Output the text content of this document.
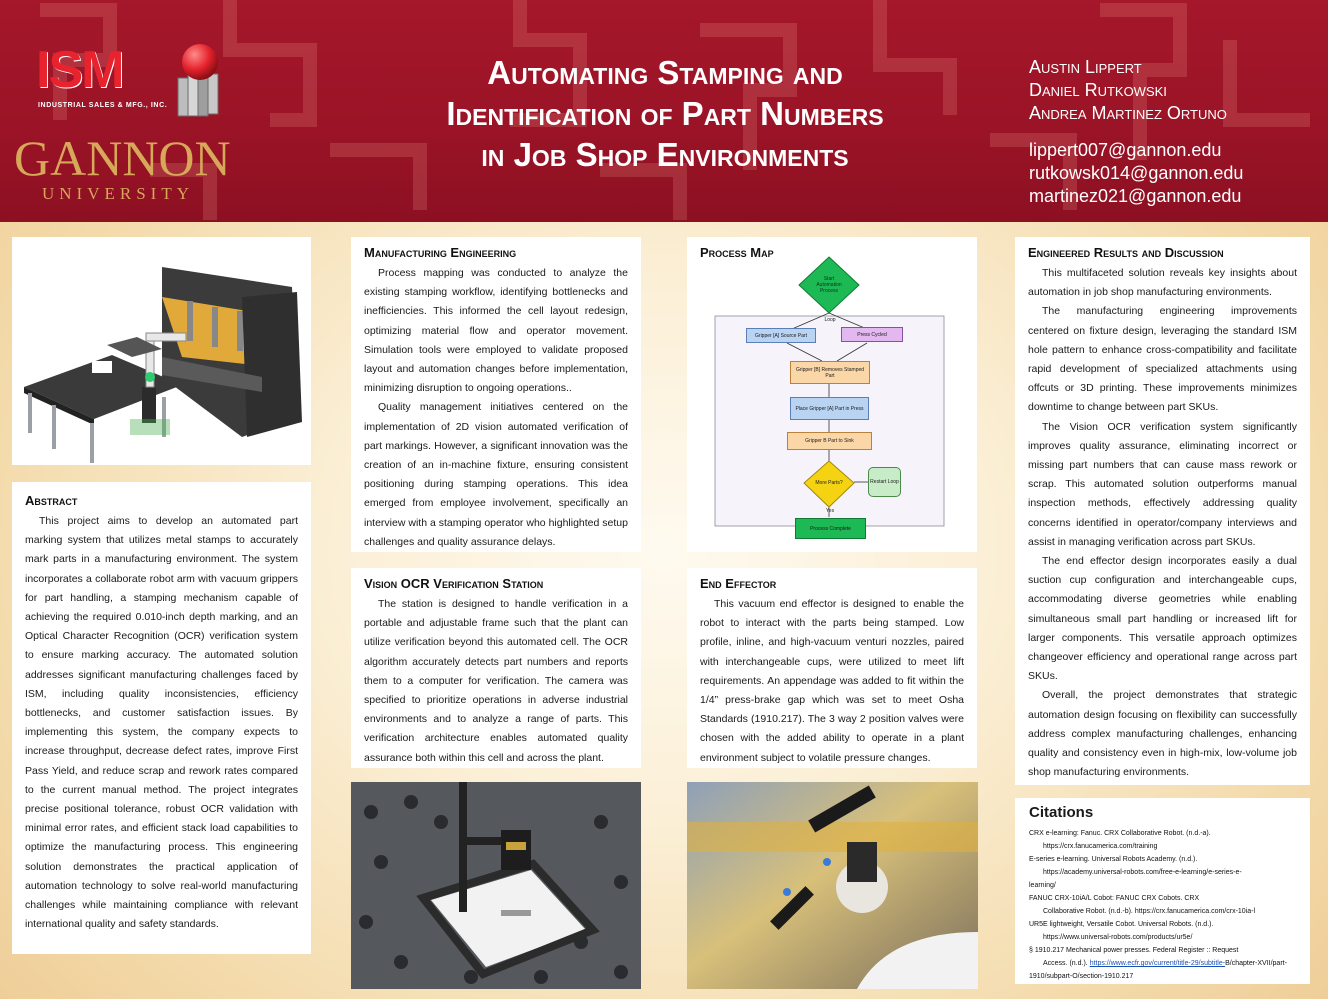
ISM
INDUSTRIAL SALES & MFG., INC.
GANNON
UNIVERSITY
Automating Stamping and
Identification of Part Numbers
in Job Shop Environments
Austin Lippert
Daniel Rutkowski
Andrea Martinez Ortuno
lippert007@gannon.edu
rutkowsk014@gannon.edu
martinez021@gannon.edu
Abstract

This project aims to develop an automated part marking system that utilizes metal stamps to accurately mark parts in a manufacturing environment. The system incorporates a collaborate robot arm with vacuum grippers for part handling, a stamping mechanism capable of achieving the required 0.010-inch depth marking, and an Optical Character Recognition (OCR) verification system to ensure marking accuracy. The automated solution addresses significant manufacturing challenges faced by ISM, including quality inconsistencies, efficiency bottlenecks, and customer satisfaction issues. By implementing this system, the company expects to increase throughput, decrease defect rates, improve First Pass Yield, and reduce scrap and rework rates compared to the current manual method. The project integrates precise positional tolerance, robust OCR validation with minimal error rates, and efficient stack load capabilities to optimize the manufacturing process. This engineering solution demonstrates the practical application of automation technology to solve real-world manufacturing challenges while maintaining compliance with relevant international quality and safety standards.

Manufacturing Engineering

Process mapping was conducted to analyze the existing stamping workflow, identifying bottlenecks and inefficiencies. This informed the cell layout redesign, optimizing material flow and operator movement. Simulation tools were employed to validate proposed layout and automation changes before implementation, minimizing disruption to ongoing operations..

Quality management initiatives centered on the implementation of 2D vision automated verification of part markings. However, a significant innovation was the creation of an in-machine fixture, ensuring consistent positioning during stamping operations. This idea emerged from employee involvement, specifically an interview with a stamping operator who highlighted setup challenges and quality assurance delays.

Vision OCR Verification Station

The station is designed to handle verification in a portable and adjustable frame such that the plant can utilize verification beyond this automated cell. The OCR algorithm accurately detects part numbers and reports them to a computer for verification. The camera was specified to prioritize operations in adverse industrial environments and to analyze a range of parts. This verification architecture enables automated quality assurance both within this cell and across the plant.

Process Map
Start Automation Process
Loop
Gripper [A] Source Part	Press Cycled
Gripper [B] Removes Stamped Part
Place Gripper [A] Part in Press
Gripper B Part to Sink
More Parts?	Restart Loop
Yes
Process Complete
End Effector

This vacuum end effector is designed to enable the robot to interact with the parts being stamped. Low profile, inline, and high-vacuum venturi nozzles, paired with interchangeable cups, were utilized to meet lift requirements. An appendage was added to fit within the 1/4” press-brake gap which was set to meet Osha Standards (1910.217). The 3 way 2 position valves were chosen with the added ability to operate in a plant environment subject to volatile pressure changes.

Engineered Results and Discussion

This multifaceted solution reveals key insights about automation in job shop manufacturing environments.

The manufacturing engineering improvements centered on fixture design, leveraging the standard ISM hole pattern to enhance cross-compatibility and facilitate rapid development of specialized attachments using offcuts or 3D printing. These improvements minimizes downtime to change between part SKUs.

The Vision OCR verification system significantly improves quality assurance, eliminating incorrect or missing part numbers that can cause mass rework or scrap. This automated solution outperforms manual inspection methods, effectively addressing quality concerns identified in operator/company interviews and assist in managing verification across part SKUs.

The end effector design incorporates easily a dual suction cup configuration and interchangeable cups, accommodating diverse geometries while enabling simultaneous small part handling or increased lift for larger components. This versatile approach optimizes changeover efficiency and operational range across part SKUs.

Overall, the project demonstrates that strategic automation design focusing on flexibility can successfully address complex manufacturing challenges, enhancing quality and consistency even in high-mix, low-volume job shop manufacturing environments.

Citations
CRX e-learning: Fanuc. CRX Collaborative Robot. (n.d.-a).
https://crx.fanucamerica.com/training
E-series e-learning. Universal Robots Academy. (n.d.).
https://academy.universal-robots.com/free-e-learning/e-series-e-
learning/
FANUC CRX-10iA/L Cobot: FANUC CRX Cobots. CRX
Collaborative Robot. (n.d.-b). https://crx.fanucamerica.com/crx-10ia-l
UR5E lightweight, Versatile Cobot. Universal Robots. (n.d.).
https://www.universal-robots.com/products/ur5e/
§ 1910.217 Mechanical power presses. Federal Register :: Request
Access. (n.d.). https://www.ecfr.gov/current/title-29/subtitle-B/chapter-XVII/part-
1910/subpart-O/section-1910.217
